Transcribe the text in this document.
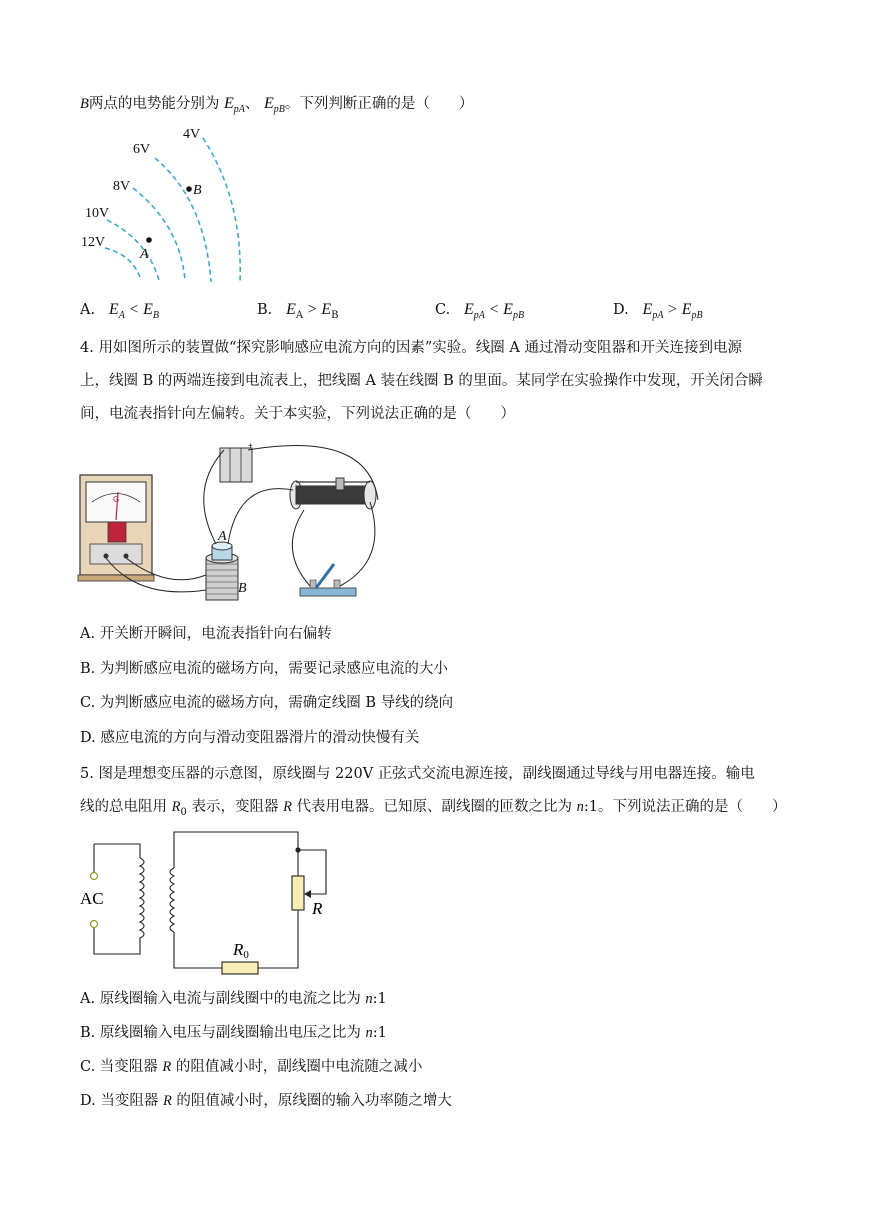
B两点的电势能分别为 $E_{pA}$、 $E_{pB}$。下列判断正确的是（　　）
4V
6V
8V
10V
12V
B
A
A. $E_A < E_B$	B. $E_A > E_B$	C. $E_{pA} < E_{pB}$	D. $E_{pA} > E_{pB}$
4. 用如图所示的装置做“探究影响感应电流方向的因素”实验。线圈 A 通过滑动变阻器和开关连接到电源
上，线圈 B 的两端连接到电流表上，把线圈 A 装在线圈 B 的里面。某同学在实验操作中发现，开关闭合瞬
间，电流表指针向左偏转。关于本实验，下列说法正确的是（　　）
G
+
A
B
A. 开关断开瞬间，电流表指针向右偏转
B. 为判断感应电流的磁场方向，需要记录感应电流的大小
C. 为判断感应电流的磁场方向，需确定线圈 B 导线的绕向
D. 感应电流的方向与滑动变阻器滑片的滑动快慢有关
5. 图是理想变压器的示意图，原线圈与 220V 正弦式交流电源连接，副线圈通过导线与用电器连接。输电
线的总电阻用 $R_0$ 表示，变阻器 R 代表用电器。已知原、副线圈的匝数之比为 n:1。下列说法正确的是（　　）
AC
R
R0
A. 原线圈输入电流与副线圈中的电流之比为 n:1
B. 原线圈输入电压与副线圈输出电压之比为 n:1
C. 当变阻器 R 的阻值减小时，副线圈中电流随之减小
D. 当变阻器 R 的阻值减小时，原线圈的输入功率随之增大
